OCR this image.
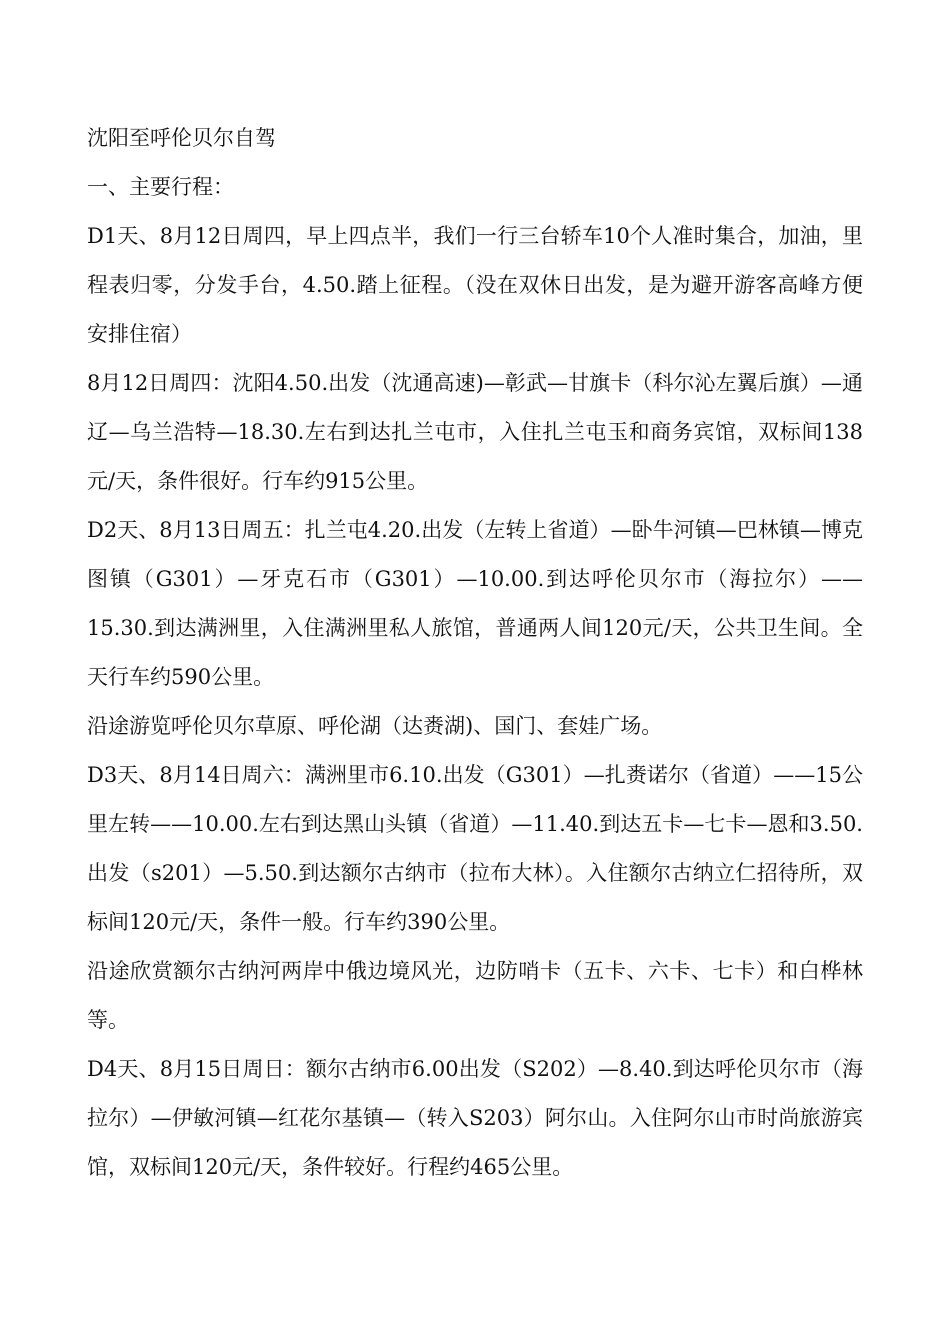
沈阳至呼伦贝尔自驾

一、主要行程：

D1天、8月12日周四，早上四点半，我们一行三台轿车10个人准时集合，加油，里程表归零，分发手台，4.50.踏上征程。（没在双休日出发，是为避开游客高峰方便安排住宿）

8月12日周四：沈阳4.50.出发（沈通高速)—彰武—甘旗卡（科尔沁左翼后旗）—通辽—乌兰浩特—18.30.左右到达扎兰屯市，入住扎兰屯玉和商务宾馆，双标间138元/天，条件很好。行车约915公里。

D2天、8月13日周五：扎兰屯4.20.出发（左转上省道）—卧牛河镇—巴林镇—博克图镇（G301）—牙克石市（G301）—10.00.到达呼伦贝尔市（海拉尔）——15.30.到达满洲里，入住满洲里私人旅馆，普通两人间120元/天，公共卫生间。全天行车约590公里。

沿途游览呼伦贝尔草原、呼伦湖（达赉湖)、国门、套娃广场。

D3天、8月14日周六：满洲里市6.10.出发（G301）—扎赉诺尔（省道）——15公里左转——10.00.左右到达黑山头镇（省道）—11.40.到达五卡—七卡—恩和3.50.出发（s201）—5.50.到达额尔古纳市（拉布大林）。入住额尔古纳立仁招待所，双标间120元/天，条件一般。行车约390公里。

沿途欣赏额尔古纳河两岸中俄边境风光，边防哨卡（五卡、六卡、七卡）和白桦林等。

D4天、8月15日周日：额尔古纳市6.00出发（S202）—8.40.到达呼伦贝尔市（海拉尔）—伊敏河镇—红花尔基镇—（转入S203）阿尔山。入住阿尔山市时尚旅游宾馆，双标间120元/天，条件较好。行程约465公里。
